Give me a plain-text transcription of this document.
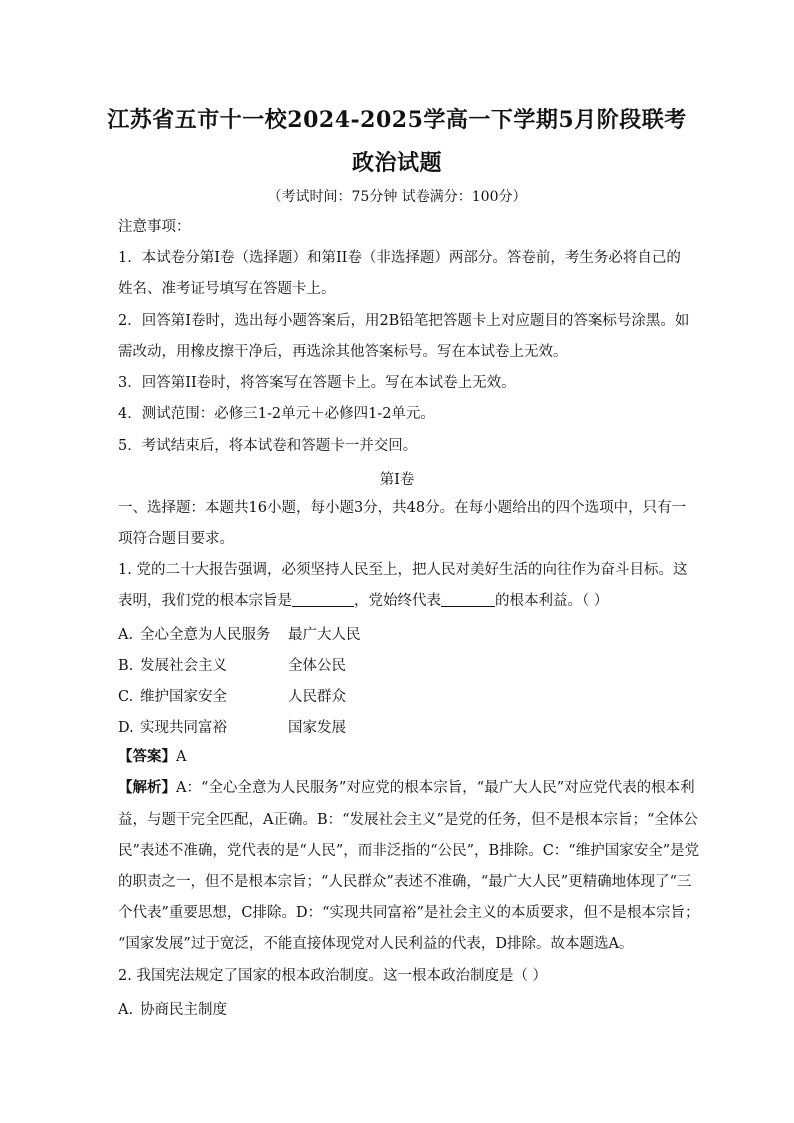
江苏省五市十一校2024-2025学高一下学期5月阶段联考
政治试题
（考试时间：75分钟 试卷满分：100分）
注意事项：
1．本试卷分第I卷（选择题）和第II卷（非选择题）两部分。答卷前，考生务必将自己的
姓名、准考证号填写在答题卡上。
2．回答第I卷时，选出每小题答案后，用2B铅笔把答题卡上对应题目的答案标号涂黑。如
需改动，用橡皮擦干净后，再选涂其他答案标号。写在本试卷上无效。
3．回答第II卷时，将答案写在答题卡上。写在本试卷上无效。
4．测试范围：必修三1-2单元＋必修四1-2单元。
5．考试结束后，将本试卷和答题卡一并交回。
第I卷
一、选择题：本题共16小题，每小题3分，共48分。在每小题给出的四个选项中，只有一
项符合题目要求。
1. 党的二十大报告强调，必须坚持人民至上，把人民对美好生活的向往作为奋斗目标。这
表明，我们党的根本宗旨是	，党始终代表	的根本利益。（ ）
A. 全心全意为人民服务 最广大人民
B. 发展社会主义	全体公民
C. 维护国家安全	人民群众
D. 实现共同富裕	国家发展
【答案】A
【解析】A：“全心全意为人民服务”对应党的根本宗旨，“最广大人民”对应党代表的根本利
益，与题干完全匹配，A正确。B：“发展社会主义”是党的任务，但不是根本宗旨；“全体公
民”表述不准确，党代表的是“人民”，而非泛指的“公民”，B排除。C：“维护国家安全”是党
的职责之一，但不是根本宗旨；“人民群众”表述不准确，“最广大人民”更精确地体现了“三
个代表”重要思想，C排除。D：“实现共同富裕”是社会主义的本质要求，但不是根本宗旨；
“国家发展”过于宽泛，不能直接体现党对人民利益的代表，D排除。故本题选A。
2. 我国宪法规定了国家的根本政治制度。这一根本政治制度是（ ）
A. 协商民主制度
